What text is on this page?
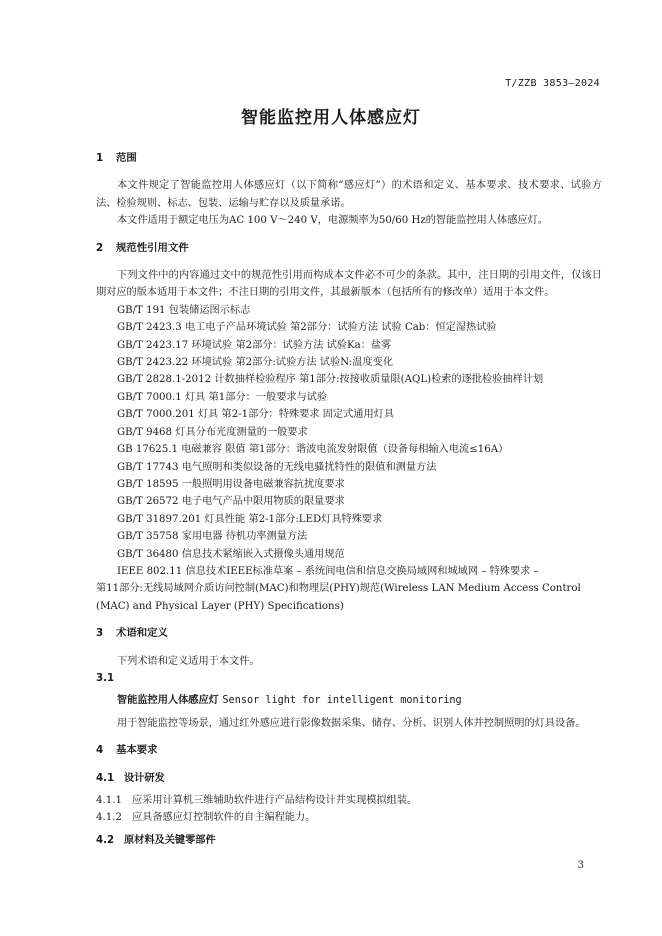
T/ZZB 3853—2024
智能监控用人体感应灯

1 范围

本文件规定了智能监控用人体感应灯（以下简称“感应灯”）的术语和定义、基本要求、技术要求、试验方法、检验规则、标志、包装、运输与贮存以及质量承诺。

本文件适用于额定电压为AC 100 V～240 V，电源频率为50/60 Hz的智能监控用人体感应灯。

2 规范性引用文件

下列文件中的内容通过文中的规范性引用而构成本文件必不可少的条款。其中，注日期的引用文件，仅该日期对应的版本适用于本文件；不注日期的引用文件，其最新版本（包括所有的修改单）适用于本文件。

GB/T 191 包装储运图示标志

GB/T 2423.3 电工电子产品环境试验 第2部分：试验方法 试验 Cab：恒定湿热试验

GB/T 2423.17 环境试验 第2部分：试验方法 试验Ka：盐雾

GB/T 2423.22 环境试验 第2部分:试验方法 试验N:温度变化

GB/T 2828.1-2012 计数抽样检验程序 第1部分:按接收质量限(AQL)检索的逐批检验抽样计划

GB/T 7000.1 灯具 第1部分：一般要求与试验

GB/T 7000.201 灯具 第2-1部分：特殊要求 固定式通用灯具

GB/T 9468 灯具分布光度测量的一般要求

GB 17625.1 电磁兼容 限值 第1部分：谐波电流发射限值（设备每相输入电流≤16A）

GB/T 17743 电气照明和类似设备的无线电骚扰特性的限值和测量方法

GB/T 18595 一般照明用设备电磁兼容抗扰度要求

GB/T 26572 电子电气产品中限用物质的限量要求

GB/T 31897.201 灯具性能 第2-1部分:LED灯具特殊要求

GB/T 35758 家用电器 待机功率测量方法

GB/T 36480 信息技术紧缩嵌入式摄像头通用规范

IEEE 802.11 信息技术IEEE标准草案 – 系统间电信和信息交换局域网和城域网 – 特殊要求 –

第11部分:无线局域网介质访问控制(MAC)和物理层(PHY)规范(Wireless LAN Medium Access Control

(MAC) and Physical Layer (PHY) Specifications)

3 术语和定义

下列术语和定义适用于本文件。

3.1

智能监控用人体感应灯 Sensor light for intelligent monitoring

用于智能监控等场景，通过红外感应进行影像数据采集、储存、分析、识别人体并控制照明的灯具设备。

4 基本要求

4.1 设计研发

4.1.1 应采用计算机三维辅助软件进行产品结构设计并实现模拟组装。

4.1.2 应具备感应灯控制软件的自主编程能力。

4.2 原材料及关键零部件

3
